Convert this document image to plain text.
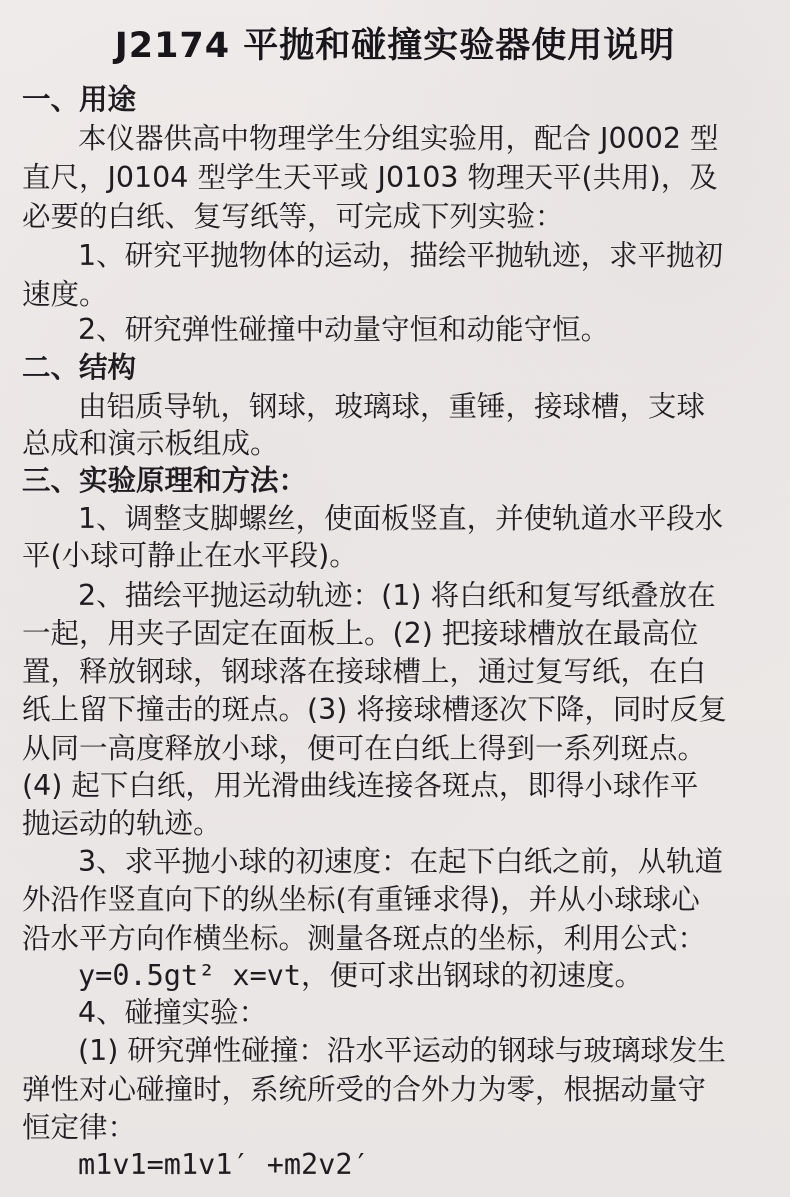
J2174 平抛和碰撞实验器使用说明
一、用途
本仪器供高中物理学生分组实验用，配合 J0002 型
直尺，J0104 型学生天平或 J0103 物理天平(共用)，及
必要的白纸、复写纸等，可完成下列实验：
1、研究平抛物体的运动，描绘平抛轨迹，求平抛初
速度。
2、研究弹性碰撞中动量守恒和动能守恒。
二、结构
由铝质导轨，钢球，玻璃球，重锤，接球槽，支球
总成和演示板组成。
三、实验原理和方法：
1、调整支脚螺丝，使面板竖直，并使轨道水平段水
平(小球可静止在水平段)。
2、描绘平抛运动轨迹：(1) 将白纸和复写纸叠放在
一起，用夹子固定在面板上。(2) 把接球槽放在最高位
置，释放钢球，钢球落在接球槽上，通过复写纸，在白
纸上留下撞击的斑点。(3) 将接球槽逐次下降，同时反复
从同一高度释放小球，便可在白纸上得到一系列斑点。
(4) 起下白纸，用光滑曲线连接各斑点，即得小球作平
抛运动的轨迹。
3、求平抛小球的初速度：在起下白纸之前，从轨道
外沿作竖直向下的纵坐标(有重锤求得)，并从小球球心
沿水平方向作横坐标。测量各斑点的坐标，利用公式：
y=0.5gt² x=vt，便可求出钢球的初速度。
4、碰撞实验：
(1) 研究弹性碰撞：沿水平运动的钢球与玻璃球发生
弹性对心碰撞时，系统所受的合外力为零，根据动量守
恒定律：
m1v1=m1v1′ +m2v2′
